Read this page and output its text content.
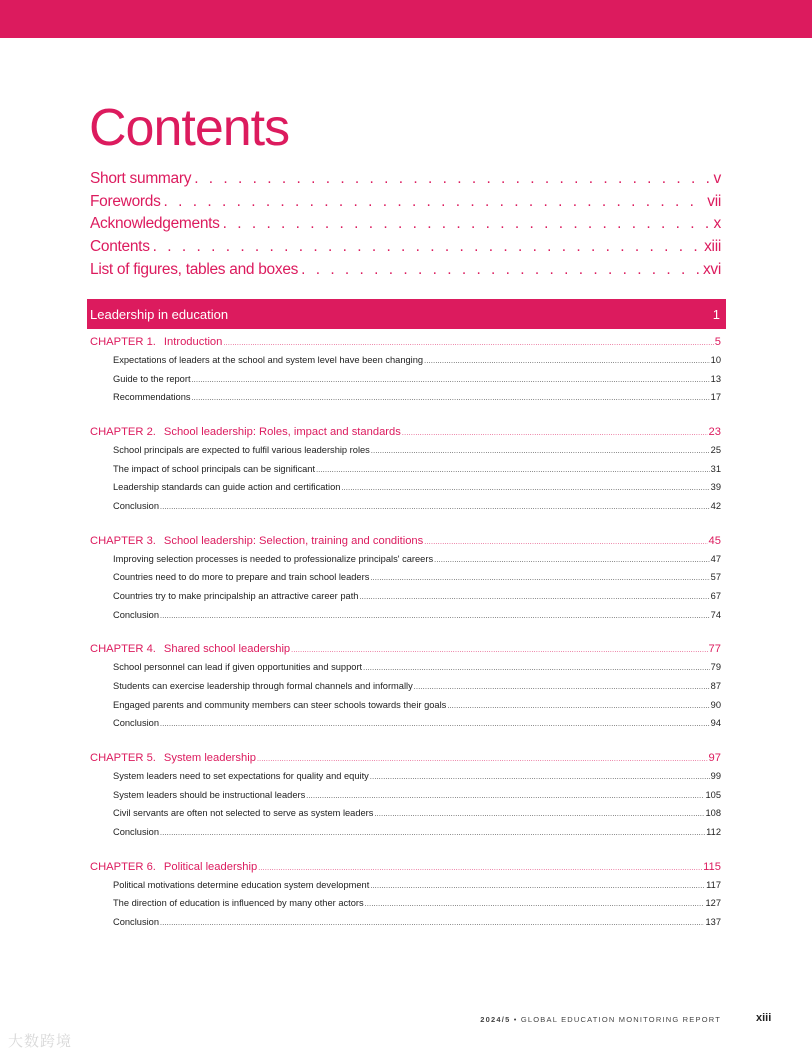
Contents
Short summary . . .	v
Forewords . . .	vii
Acknowledgements . . .	x
Contents . . .	xiii
List of figures, tables and boxes . . .	xvi
Leadership in education	1
CHAPTER 1. Introduction .....	5
Expectations of leaders at the school and system level have been changing .....	10
Guide to the report .....	13
Recommendations .....	17
CHAPTER 2. School leadership: Roles, impact and standards .....	23
School principals are expected to fulfil various leadership roles .....	25
The impact of school principals can be significant .....	31
Leadership standards can guide action and certification .....	39
Conclusion .....	42
CHAPTER 3. School leadership: Selection, training and conditions .....	45
Improving selection processes is needed to professionalize principals' careers .....	47
Countries need to do more to prepare and train school leaders .....	57
Countries try to make principalship an attractive career path .....	67
Conclusion .....	74
CHAPTER 4. Shared school leadership .....	77
School personnel can lead if given opportunities and support .....	79
Students can exercise leadership through formal channels and informally .....	87
Engaged parents and community members can steer schools towards their goals .....	90
Conclusion .....	94
CHAPTER 5. System leadership .....	97
System leaders need to set expectations for quality and equity .....	99
System leaders should be instructional leaders .....	105
Civil servants are often not selected to serve as system leaders .....	108
Conclusion .....	112
CHAPTER 6. Political leadership .....	115
Political motivations determine education system development .....	117
The direction of education is influenced by many other actors .....	127
Conclusion .....	137
2024/5 • GLOBAL EDUCATION MONITORING REPORT	xiii
大数跨境
